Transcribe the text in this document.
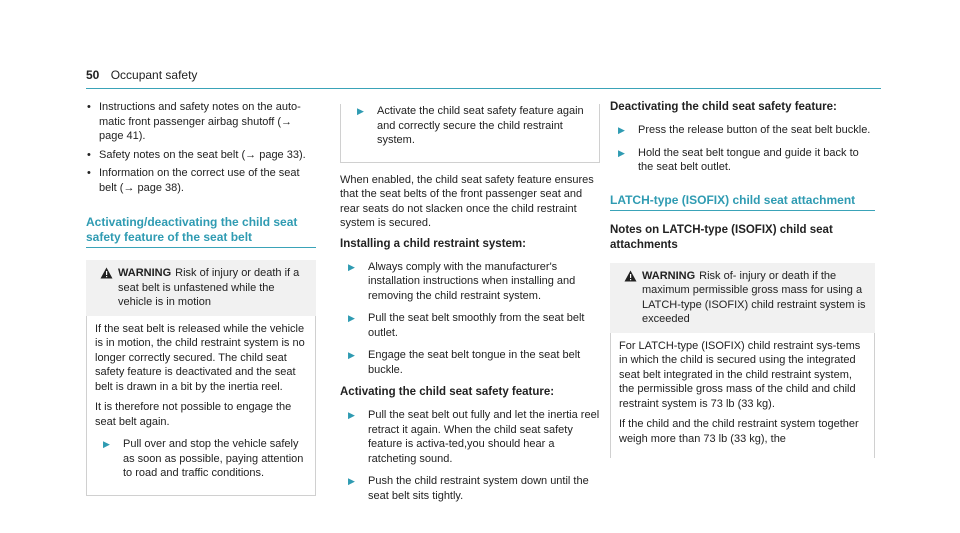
50 Occupant safety
• Instructions and safety notes on the auto-matic front passenger airbag shutoff (→ page 41).
• Safety notes on the seat belt (→ page 33).
• Information on the correct use of the seat belt (→ page 38).
Activating/deactivating the child seat safety feature of the seat belt
WARNING Risk of injury or death if a seat belt is unfastened while the vehicle is in motion

If the seat belt is released while the vehicle is in motion, the child restraint system is no longer correctly secured. The child seat safety feature is deactivated and the seat belt is drawn in a bit by the inertia reel.

It is therefore not possible to engage the seat belt again.

▶	Pull over and stop the vehicle safely as soon as possible, paying attention to road and traffic conditions.
▶	Activate the child seat safety feature again and correctly secure the child restraint system.

When enabled, the child seat safety feature ensures that the seat belts of the front passenger seat and rear seats do not slacken once the child restraint system is secured.

Installing a child restraint system:
▶	Always comply with the manufacturer's installation instructions when installing and removing the child restraint system.
▶	Pull the seat belt smoothly from the seat belt outlet.
▶	Engage the seat belt tongue in the seat belt buckle.
Activating the child seat safety feature:
▶	Pull the seat belt out fully and let the inertia reel retract it again. When the child seat safety feature is activa-ted,you should hear a ratcheting sound.
▶	Push the child restraint system down until the seat belt sits tightly.
Deactivating the child seat safety feature:
▶	Press the release button of the seat belt buckle.
▶	Hold the seat belt tongue and guide it back to the seat belt outlet.
LATCH-type (ISOFIX) child seat attachment
Notes on LATCH-type (ISOFIX) child seat attachments
WARNING Risk of- injury or death if the maximum permissible gross mass for using a LATCH-type (ISOFIX) child restraint system is exceeded

For LATCH-type (ISOFIX) child restraint sys-tems in which the child is secured using the integrated seat belt integrated in the child restraint system, the permissible gross mass of the child and child restraint system is 73 lb (33 kg).

If the child and the child restraint system together weigh more than 73 lb (33 kg), the
